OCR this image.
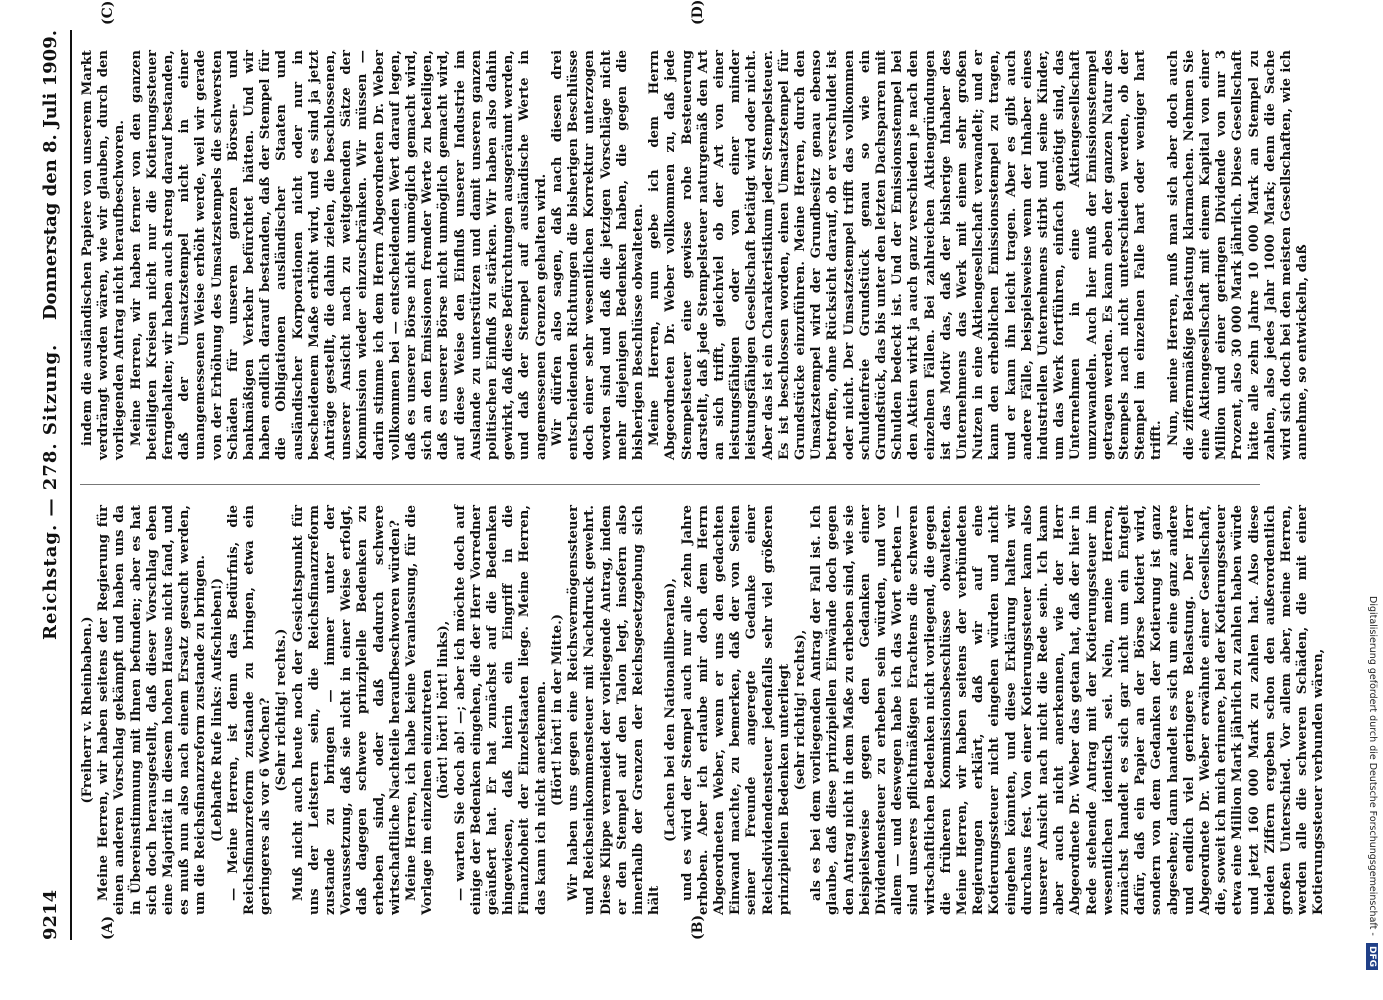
9214
Reichstag. — 278. Sitzung.
Donnerstag den 8. Juli 1909.
(A)	(B)
(C)	(D)

(Freiherr v. Rheinbaben.) Meine Herren, wir haben seitens der Regierung für einen anderen Vorschlag gekämpft und haben uns da in Übereinstimmung mit Ihnen befunden; aber es hat sich doch herausgestellt, daß dieser Vorschlag eben eine Majorität in diesem hohen Hause nicht fand, und es muß nun also nach einem Ersatz gesucht werden, um die Reichsfinanzreform zustande zu bringen. (Lebhafte Rufe links: Aufschieben!) — Meine Herren, ist denn das Bedürfnis, die Reichsfinanzreform zustande zu bringen, etwa ein geringeres als vor 6 Wochen? (Sehr richtig! rechts.) Muß nicht auch heute noch der Gesichtspunkt für uns der Leitstern sein, die Reichsfinanzreform zustande zu bringen — immer unter der Voraussetzung, daß sie nicht in einer Weise erfolgt, daß dagegen schwere prinzipielle Bedenken zu erheben sind, oder daß dadurch schwere wirtschaftliche Nachteile heraufbeschworen würden? Meine Herren, ich habe keine Veranlassung, für die Vorlage im einzelnen einzutreten (hört! hört! hört! links), — warten Sie doch ab! —; aber ich möchte doch auf einige der Bedenken eingehen, die der Herr Vorredner geäußert hat. Er hat zunächst auf die Bedenken hingewiesen, daß hierin ein Eingriff in die Finanzhoheit der Einzelstaaten liege. Meine Herren, das kann ich nicht anerkennen. (Hört! hört! in der Mitte.) Wir haben uns gegen eine Reichsvermögenssteuer und Reichseinkommensteuer mit Nachdruck gewehrt. Diese Klippe vermeidet der vorliegende Antrag, indem er den Stempel auf den Talon legt, insofern also innerhalb der Grenzen der Reichsgesetzgebung sich hält

(Lachen bei den Nationalliberalen), und es wird der Stempel auch nur alle zehn Jahre erhoben. Aber ich erlaube mir doch dem Herrn Abgeordneten Weber, wenn er uns den gedachten Einwand machte, zu bemerken, daß der von Seiten seiner Freunde angeregte Gedanke einer Reichsdividendensteuer jedenfalls sehr viel größeren prinzipiellen Bedenken unterliegt (sehr richtig! rechts), als es bei dem vorliegenden Antrag der Fall ist. Ich glaube, daß diese prinzipiellen Einwände doch gegen den Antrag nicht in dem Maße zu erheben sind, wie sie beispielsweise gegen den Gedanken einer Dividendensteuer zu erheben sein würden, und vor allem — und deswegen habe ich das Wort erbeten — sind unseres pflichtmäßigen Erachtens die schweren wirtschaftlichen Bedenken nicht vorliegend, die gegen die früheren Kommissionsbeschlüsse obwalteten. Meine Herren, wir haben seitens der verbündeten Regierungen erklärt, daß wir auf eine Kotierungssteuer nicht eingehen würden und nicht eingehen könnten, und diese Erklärung halten wir durchaus fest. Von einer Kotierungssteuer kann also unserer Ansicht nach nicht die Rede sein. Ich kann aber auch nicht anerkennen, wie der Herr Abgeordnete Dr. Weber das getan hat, daß der hier in Rede stehende Antrag mit der Kotierungssteuer im wesentlichen identisch sei. Nein, meine Herren, zunächst handelt es sich gar nicht um ein Entgelt dafür, daß ein Papier an der Börse kotiert wird, sondern von dem Gedanken der Kotierung ist ganz abgesehen; dann handelt es sich um eine ganz andere und endlich viel geringere Belastung. Der Herr Abgeordnete Dr. Weber erwähnte einer Gesellschaft, die, soweit ich mich erinnere, bei der Kotierungssteuer etwa eine Million Mark jährlich zu zahlen haben würde und jetzt 160 000 Mark zu zahlen hat. Also diese beiden Ziffern ergeben schon den außerordentlich großen Unterschied. Vor allem aber, meine Herren, werden alle die schweren Schäden, die mit einer Kotierungssteuer verbunden wären,

indem die ausländischen Papiere von unserem Markt verdrängt worden wären, wie wir glauben, durch den vorliegenden Antrag nicht heraufbeschworen. Meine Herren, wir haben ferner von den ganzen beteiligten Kreisen nicht nur die Kotierungssteuer ferngehalten; wir haben auch streng darauf bestanden, daß der Umsatzstempel nicht in einer unangemessenen Weise erhöht werde, weil wir gerade von der Erhöhung des Umsatzstempels die schwersten Schäden für unseren ganzen Börsen- und bankmäßigen Verkehr befürchtet hätten. Und wir haben endlich darauf bestanden, daß der Stempel für die Obligationen ausländischer Staaten und ausländischer Korporationen nicht oder nur in bescheidenem Maße erhöht wird, und es sind ja jetzt Anträge gestellt, die dahin zielen, die beschlossenen, unserer Ansicht nach zu weitgehenden Sätze der Kommission wieder einzuschränken. Wir müssen — darin stimme ich dem Herrn Abgeordneten Dr. Weber vollkommen bei — entscheidenden Wert darauf legen, daß es unserer Börse nicht unmöglich gemacht wird, sich an den Emissionen fremder Werte zu beteiligen, daß es unserer Börse nicht unmöglich gemacht wird, auf diese Weise den Einfluß unserer Industrie im Auslande zu unterstützen und damit unseren ganzen politischen Einfluß zu stärken. Wir haben also dahin gewirkt, daß diese Befürchtungen ausgeräumt werden, und daß der Stempel auf ausländische Werte in angemessenen Grenzen gehalten wird. Wir dürfen also sagen, daß nach diesen drei entscheidenden Richtungen die bisherigen Beschlüsse doch einer sehr wesentlichen Korrektur unterzogen worden sind und daß die jetzigen Vorschläge nicht mehr diejenigen Bedenken haben, die gegen die bisherigen Beschlüsse obwalteten. Meine Herren, nun gebe ich dem Herrn Abgeordneten Dr. Weber vollkommen zu, daß jede Stempelsteuer eine gewisse rohe Besteuerung darstellt, daß jede Stempelsteuer naturgemäß den Art an sich trifft, gleichviel ob der Art von einer leistungsfähigen oder von einer minder leistungsfähigen Gesellschaft betätigt wird oder nicht. Aber das ist ein Charakteristikum jeder Stempelsteuer. Es ist beschlossen worden, einen Umsatzstempel für Grundstücke einzuführen. Meine Herren, durch den Umsatzstempel wird der Grundbesitz genau ebenso betroffen, ohne Rücksicht darauf, ob er verschuldet ist oder nicht. Der Umsatzstempel trifft das vollkommen schuldenfreie Grundstück genau so wie ein Grundstück, das bis unter den letzten Dachsparren mit Schulden bedeckt ist. Und der Emissionsstempel bei den Aktien wirkt ja auch ganz verschieden je nach den einzelnen Fällen. Bei zahlreichen Aktiengründungen ist das Motiv das, daß der bisherige Inhaber des Unternehmens das Werk mit einem sehr großen Nutzen in eine Aktiengesellschaft verwandelt; und er kann den erheblichen Emissionsstempel zu tragen, und er kann ihn leicht tragen. Aber es gibt auch andere Fälle, beispielsweise wenn der Inhaber eines industriellen Unternehmens stirbt und seine Kinder, um das Werk fortführen, einfach genötigt sind, das Unternehmen in eine Aktiengesellschaft umzuwandeln. Auch hier muß der Emissionsstempel getragen werden. Es kann eben der ganzen Natur des Stempels nach nicht unterschieden werden, ob der Stempel im einzelnen Falle hart oder weniger hart trifft. Nun, meine Herren, muß man sich aber doch auch die ziffernmäßige Belastung klarmachen. Nehmen Sie eine Aktiengesellschaft mit einem Kapital von einer Million und einer geringen Dividende von nur 3 Prozent, also 30 000 Mark jährlich. Diese Gesellschaft hätte alle zehn Jahre 10 000 Mark an Stempel zu zahlen, also jedes Jahr 1000 Mark; denn die Sache wird sich doch bei den meisten Gesellschaften, wie ich annehme, so entwickeln, daß

Digitalisierung gefördert durch die Deutsche Forschungsgemeinschaft - DFG
